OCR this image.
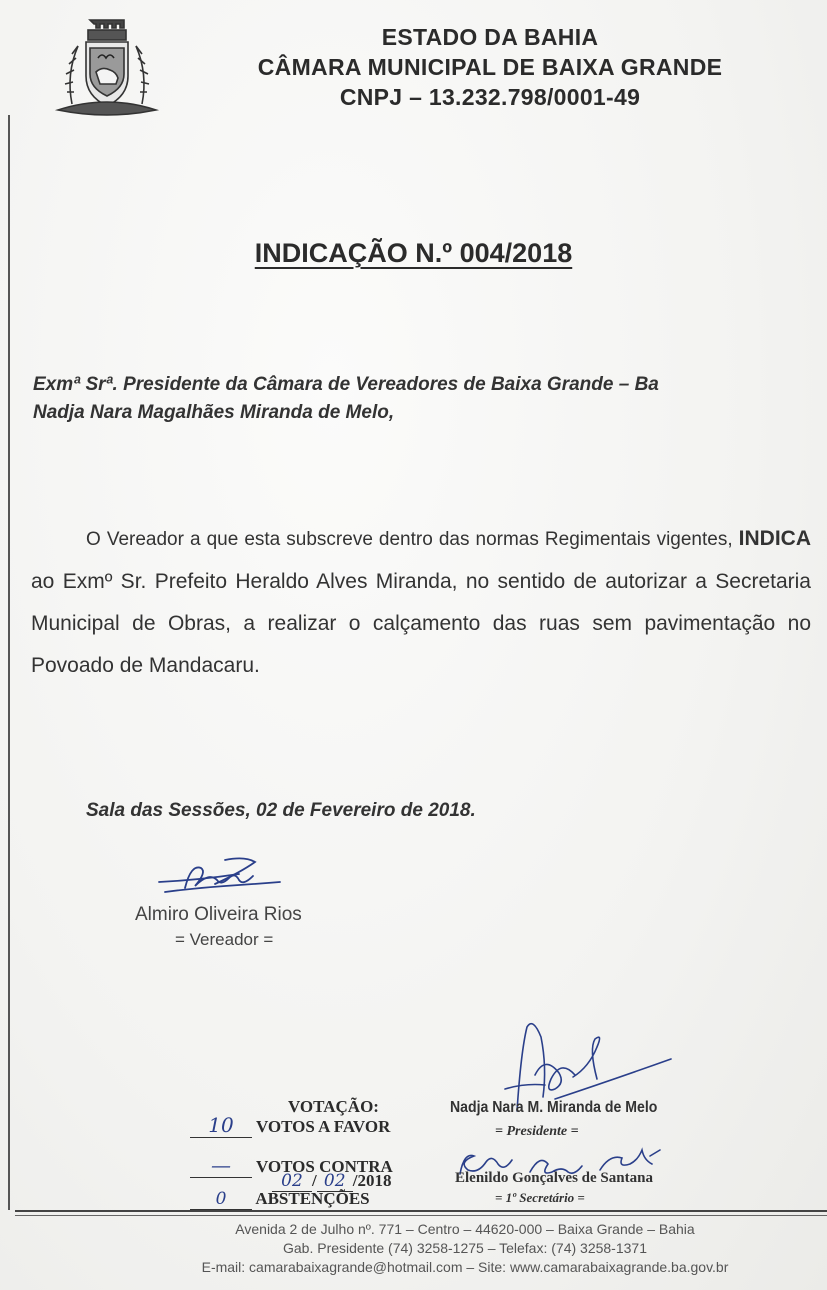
ESTADO DA BAHIA
CÂMARA MUNICIPAL DE BAIXA GRANDE
CNPJ – 13.232.798/0001-49
INDICAÇÃO N.º 004/2018
Exmª Srª. Presidente da Câmara de Vereadores de Baixa Grande – Ba
Nadja Nara Magalhães Miranda de Melo,

O Vereador a que esta subscreve dentro das normas Regimentais vigentes, INDICA ao Exmº Sr. Prefeito Heraldo Alves Miranda, no sentido de autorizar a Secretaria Municipal de Obras, a realizar o calçamento das ruas sem pavimentação no Povoado de Mandacaru.

Sala das Sessões, 02 de Fevereiro de 2018.
Almiro Oliveira Rios
= Vereador =
VOTAÇÃO:
10 VOTOS A FAVOR
— VOTOS CONTRA
02 / 02 /2018
0 ABSTENÇÕES
Nadja Nara M. Miranda de Melo
= Presidente =
Elenildo Gonçalves de Santana
= 1º Secretário =
Avenida 2 de Julho nº. 771 – Centro – 44620-000 – Baixa Grande – Bahia
Gab. Presidente (74) 3258-1275 – Telefax: (74) 3258-1371
E-mail: camarabaixagrande@hotmail.com – Site: www.camarabaixagrande.ba.gov.br
